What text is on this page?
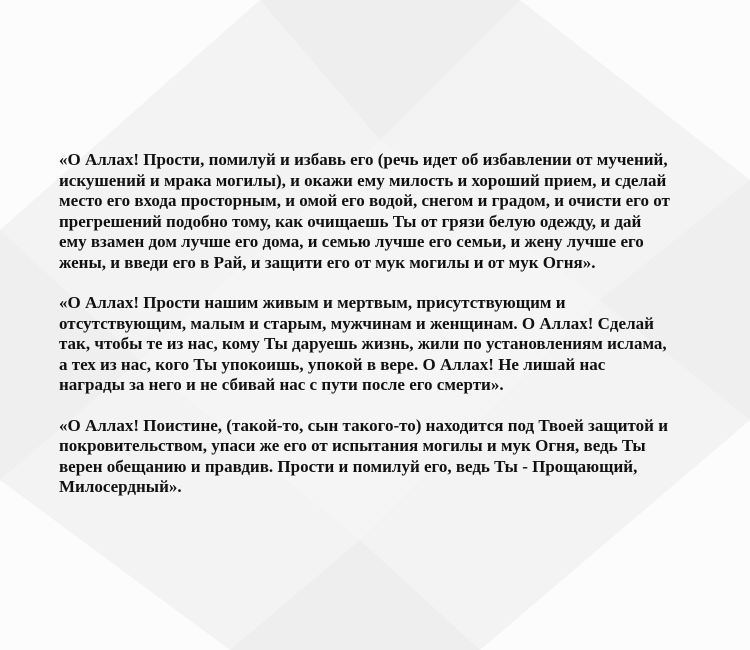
«О Аллах! Прости, помилуй и избавь его (речь идет об избавлении от мучений, искушений и мрака могилы), и окажи ему милость и хороший прием, и сделай место его входа просторным, и омой его водой, снегом и градом, и очисти его от прегрешений подобно тому, как очищаешь Ты от грязи белую одежду, и дай ему взамен дом лучше его дома, и семью лучше его семьи, и жену лучше его жены, и введи его в Рай, и защити его от мук могилы и от мук Огня».

«О Аллах! Прости нашим живым и мертвым, присутствующим и отсутствующим, малым и старым, мужчинам и женщинам. О Аллах! Сделай так, чтобы те из нас, кому Ты даруешь жизнь, жили по установлениям ислама, а тех из нас, кого Ты упокоишь, упокой в вере. О Аллах! Не лишай нас награды за него и не сбивай нас с пути после его смерти».

«О Аллах! Поистине, (такой-то, сын такого-то) находится под Твоей защитой и покровительством, упаси же его от испытания могилы и мук Огня, ведь Ты верен обещанию и правдив. Прости и помилуй его, ведь Ты - Прощающий, Милосердный».
